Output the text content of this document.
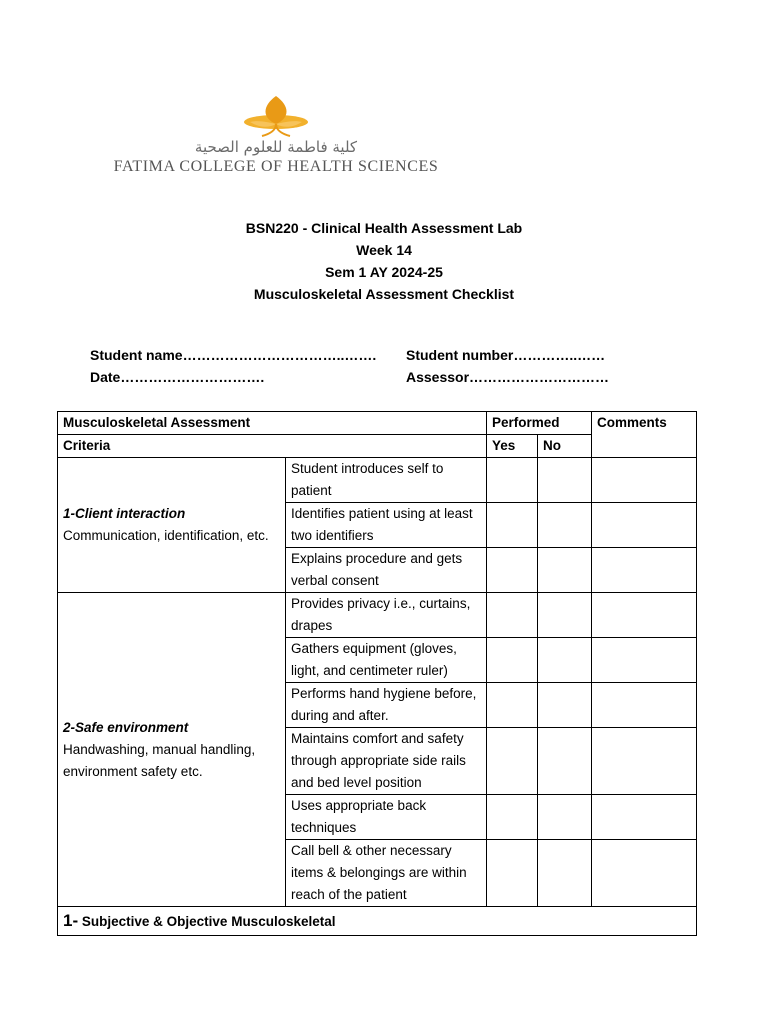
كلية فاطمة للعلوم الصحية
FATIMA COLLEGE OF HEALTH SCIENCES
BSN220 - Clinical Health Assessment Lab
Week 14
Sem 1 AY 2024-25
Musculoskeletal Assessment Checklist
Student name……………………………..……. Student number…………..……
Date………………………….	Assessor…………………………
Musculoskeletal Assessment		Performed		Comments
Criteria		Yes	No	

1-Client interaction
Communication, identification, etc.	Student introduces self to patient			
	Identifies patient using at least two identifiers			
	Explains procedure and gets verbal consent			

2-Safe environment
Handwashing, manual handling, environment safety etc.	Provides privacy i.e., curtains, drapes			
	Gathers equipment (gloves, light, and centimeter ruler)			
	Performs hand hygiene before, during and after.			
	Maintains comfort and safety through appropriate side rails and bed level position			
	Uses appropriate back techniques			
	Call bell & other necessary items & belongings are within reach of the patient			
1- Subjective & Objective Musculoskeletal				
